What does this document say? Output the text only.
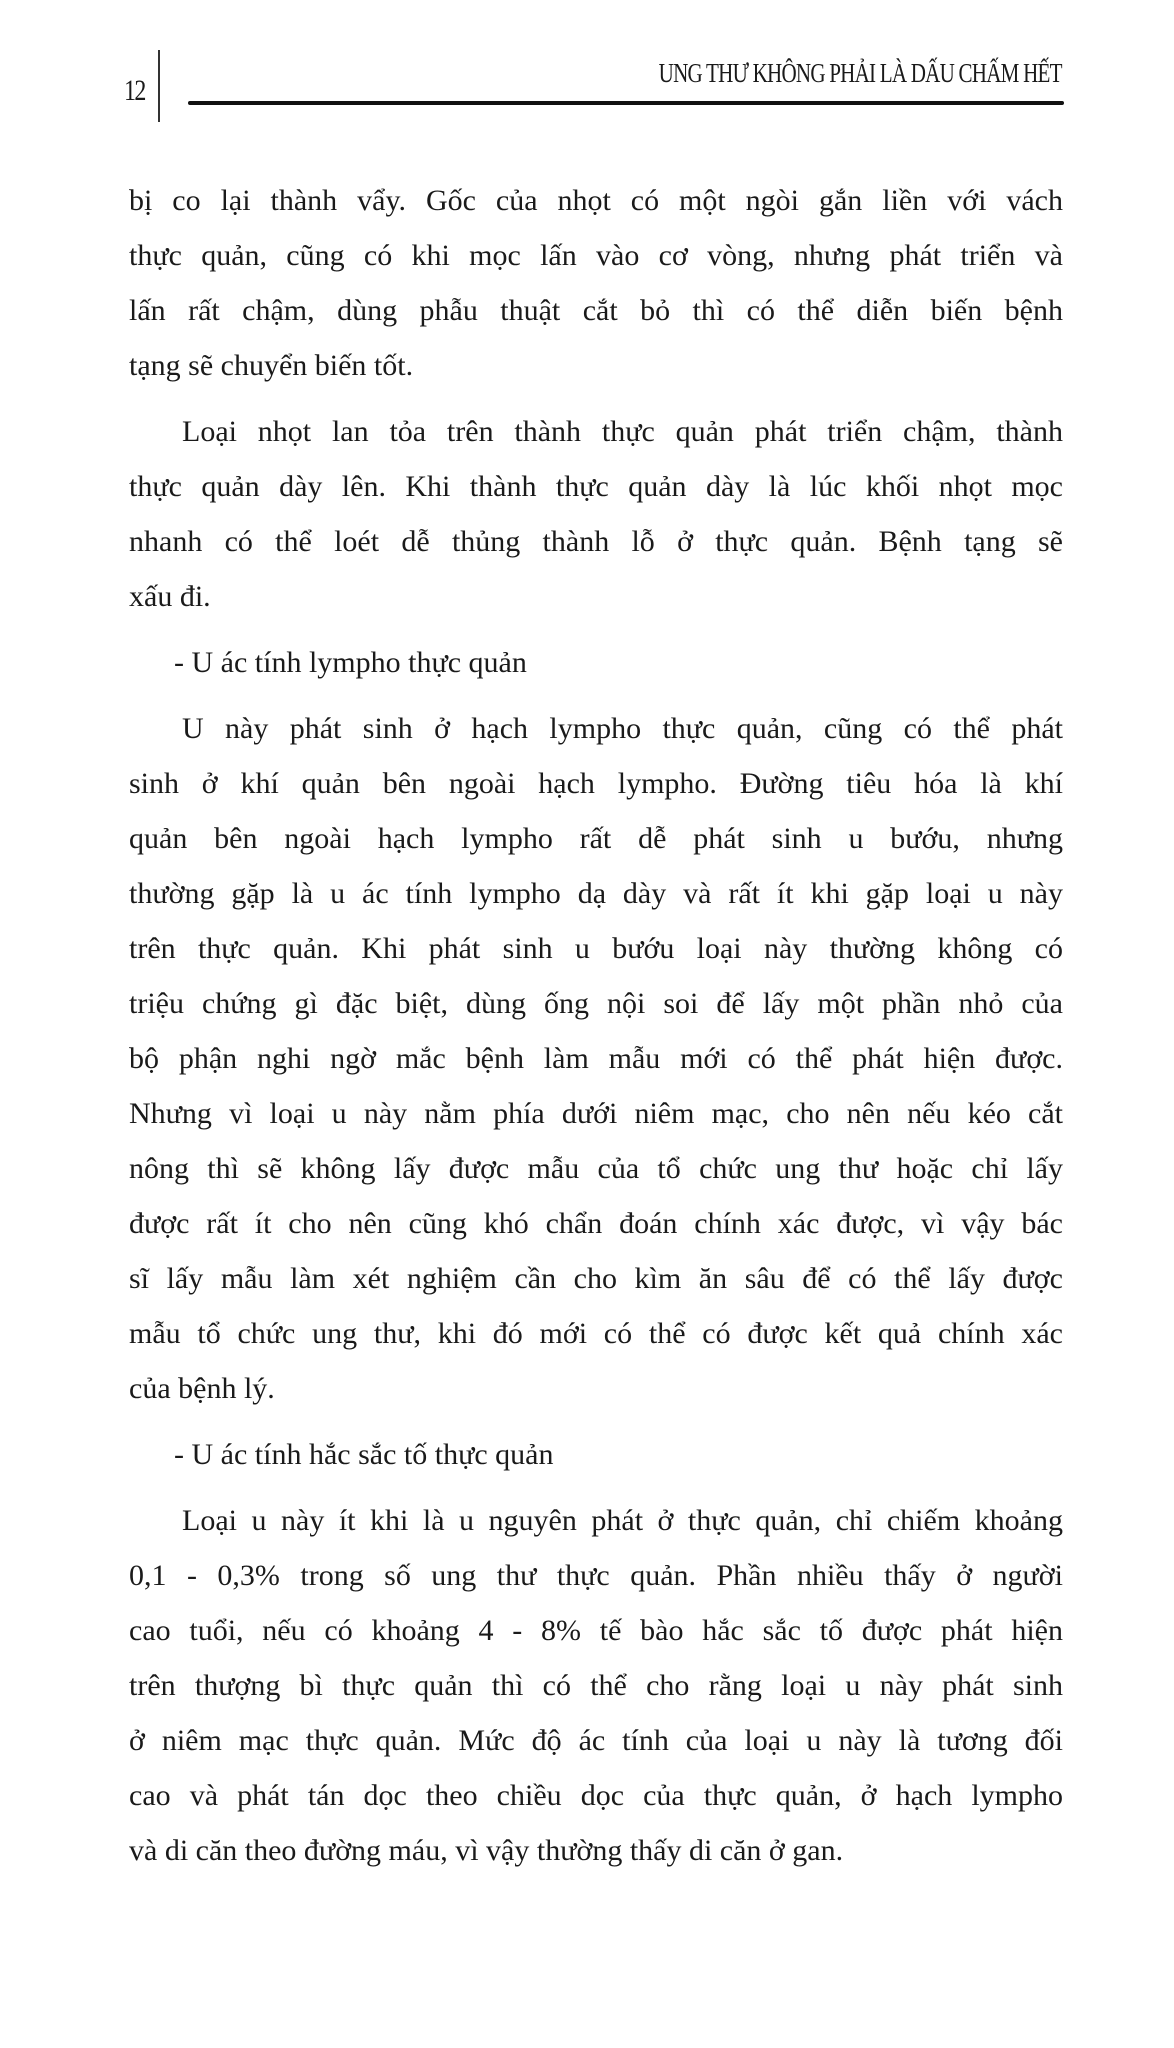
12
UNG THƯ KHÔNG PHẢI LÀ DẤU CHẤM HẾT
bị co lại thành vẩy. Gốc của nhọt có một ngòi gắn liền với vách
thực quản, cũng có khi mọc lấn vào cơ vòng, nhưng phát triển và
lấn rất chậm, dùng phẫu thuật cắt bỏ thì có thể diễn biến bệnh
tạng sẽ chuyển biến tốt.
Loại nhọt lan tỏa trên thành thực quản phát triển chậm, thành
thực quản dày lên. Khi thành thực quản dày là lúc khối nhọt mọc
nhanh có thể loét dễ thủng thành lỗ ở thực quản. Bệnh tạng sẽ
xấu đi.
- U ác tính lympho thực quản
U này phát sinh ở hạch lympho thực quản, cũng có thể phát
sinh ở khí quản bên ngoài hạch lympho. Đường tiêu hóa là khí
quản bên ngoài hạch lympho rất dễ phát sinh u bướu, nhưng
thường gặp là u ác tính lympho dạ dày và rất ít khi gặp loại u này
trên thực quản. Khi phát sinh u bướu loại này thường không có
triệu chứng gì đặc biệt, dùng ống nội soi để lấy một phần nhỏ của
bộ phận nghi ngờ mắc bệnh làm mẫu mới có thể phát hiện được.
Nhưng vì loại u này nằm phía dưới niêm mạc, cho nên nếu kéo cắt
nông thì sẽ không lấy được mẫu của tổ chức ung thư hoặc chỉ lấy
được rất ít cho nên cũng khó chẩn đoán chính xác được, vì vậy bác
sĩ lấy mẫu làm xét nghiệm cần cho kìm ăn sâu để có thể lấy được
mẫu tổ chức ung thư, khi đó mới có thể có được kết quả chính xác
của bệnh lý.
- U ác tính hắc sắc tố thực quản
Loại u này ít khi là u nguyên phát ở thực quản, chỉ chiếm khoảng
0,1 - 0,3% trong số ung thư thực quản. Phần nhiều thấy ở người
cao tuổi, nếu có khoảng 4 - 8% tế bào hắc sắc tố được phát hiện
trên thượng bì thực quản thì có thể cho rằng loại u này phát sinh
ở niêm mạc thực quản. Mức độ ác tính của loại u này là tương đối
cao và phát tán dọc theo chiều dọc của thực quản, ở hạch lympho
và di căn theo đường máu, vì vậy thường thấy di căn ở gan.
